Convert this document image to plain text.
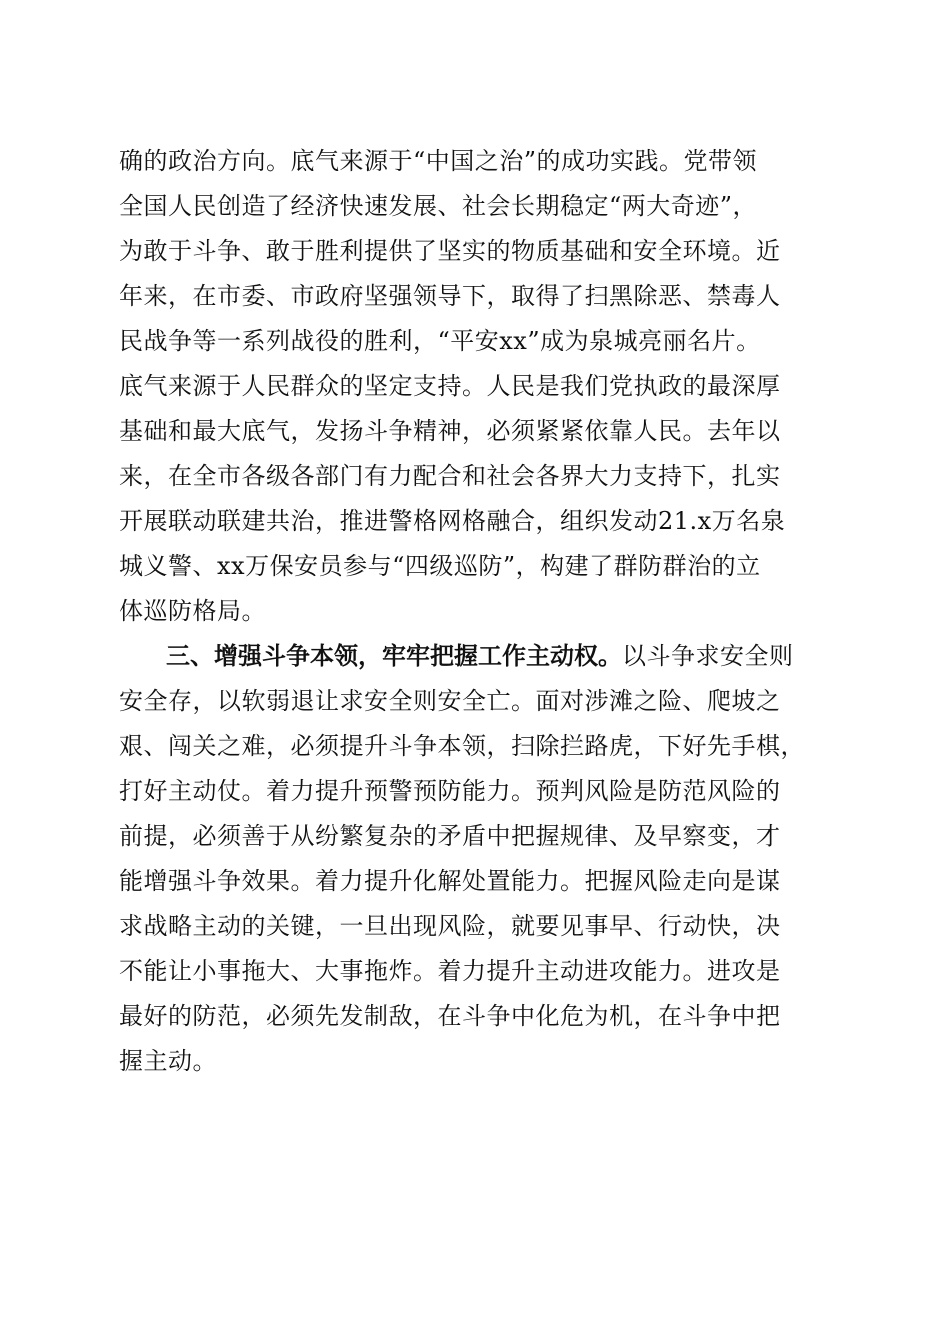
确的政治方向。底气来源于“中国之治”的成功实践。党带领
全国人民创造了经济快速发展、社会长期稳定“两大奇迹”，
为敢于斗争、敢于胜利提供了坚实的物质基础和安全环境。近
年来，在市委、市政府坚强领导下，取得了扫黑除恶、禁毒人
民战争等一系列战役的胜利，“平安xx”成为泉城亮丽名片。
底气来源于人民群众的坚定支持。人民是我们党执政的最深厚
基础和最大底气，发扬斗争精神，必须紧紧依靠人民。去年以
来，在全市各级各部门有力配合和社会各界大力支持下，扎实
开展联动联建共治，推进警格网格融合，组织发动21.x万名泉
城义警、xx万保安员参与“四级巡防”，构建了群防群治的立
体巡防格局。
三、增强斗争本领，牢牢把握工作主动权。以斗争求安全则
安全存，以软弱退让求安全则安全亡。面对涉滩之险、爬坡之
艰、闯关之难，必须提升斗争本领，扫除拦路虎，下好先手棋，
打好主动仗。着力提升预警预防能力。预判风险是防范风险的
前提，必须善于从纷繁复杂的矛盾中把握规律、及早察变，才
能增强斗争效果。着力提升化解处置能力。把握风险走向是谋
求战略主动的关键，一旦出现风险，就要见事早、行动快，决
不能让小事拖大、大事拖炸。着力提升主动进攻能力。进攻是
最好的防范，必须先发制敌，在斗争中化危为机，在斗争中把
握主动。
